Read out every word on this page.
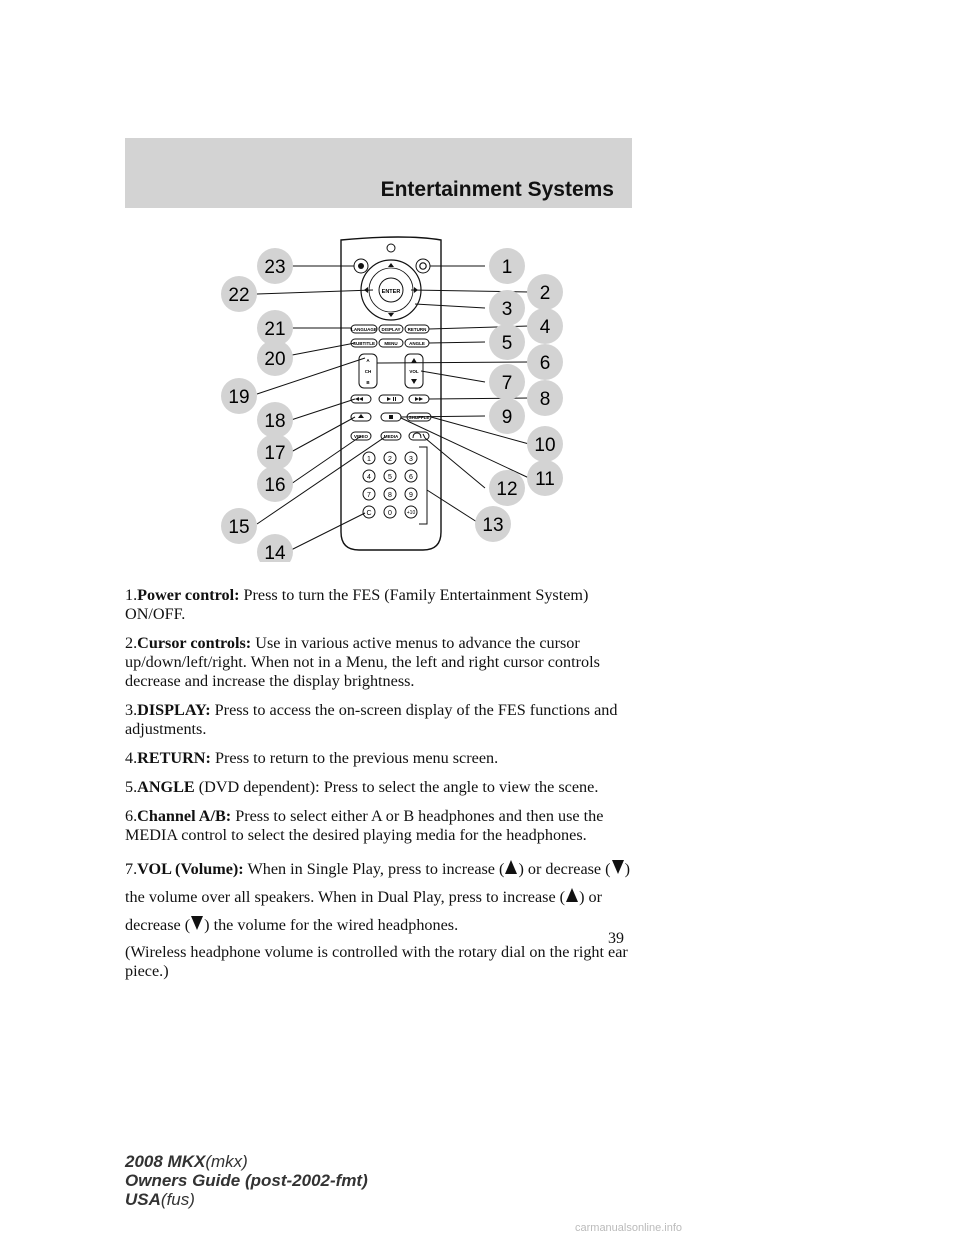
Entertainment Systems
ENTER
LANGUAGE DISPLAY RETURN
SUBTITLE MENU	ANGLE
A
CH
B
VOL
SHUFFLE
VIDEO	MEDIA
1 2 3
4 5 6
7 8 9
C 0	+10
1
2
3
4
5
6
7
8
9
10
11
12
13
14
15
16
17
18
19
20
21
22
23

1.Power control: Press to turn the FES (Family Entertainment System) ON/OFF.

2.Cursor controls: Use in various active menus to advance the cursor up/down/left/right. When not in a Menu, the left and right cursor controls decrease and increase the display brightness.

3.DISPLAY: Press to access the on-screen display of the FES functions and adjustments.

4.RETURN: Press to return to the previous menu screen.

5.ANGLE (DVD dependent): Press to select the angle to view the scene.

6.Channel A/B: Press to select either A or B headphones and then use the MEDIA control to select the desired playing media for the headphones.

7.VOL (Volume): When in Single Play, press to increase ( ) or decrease ( ) the volume over all speakers. When in Dual Play, press to increase ( ) or decrease ( ) the volume for the wired headphones.

(Wireless headphone volume is controlled with the rotary dial on the right ear piece.)

39
2008 MKX(mkx)
Owners Guide (post-2002-fmt)
USA(fus)
carmanualsonline.info
